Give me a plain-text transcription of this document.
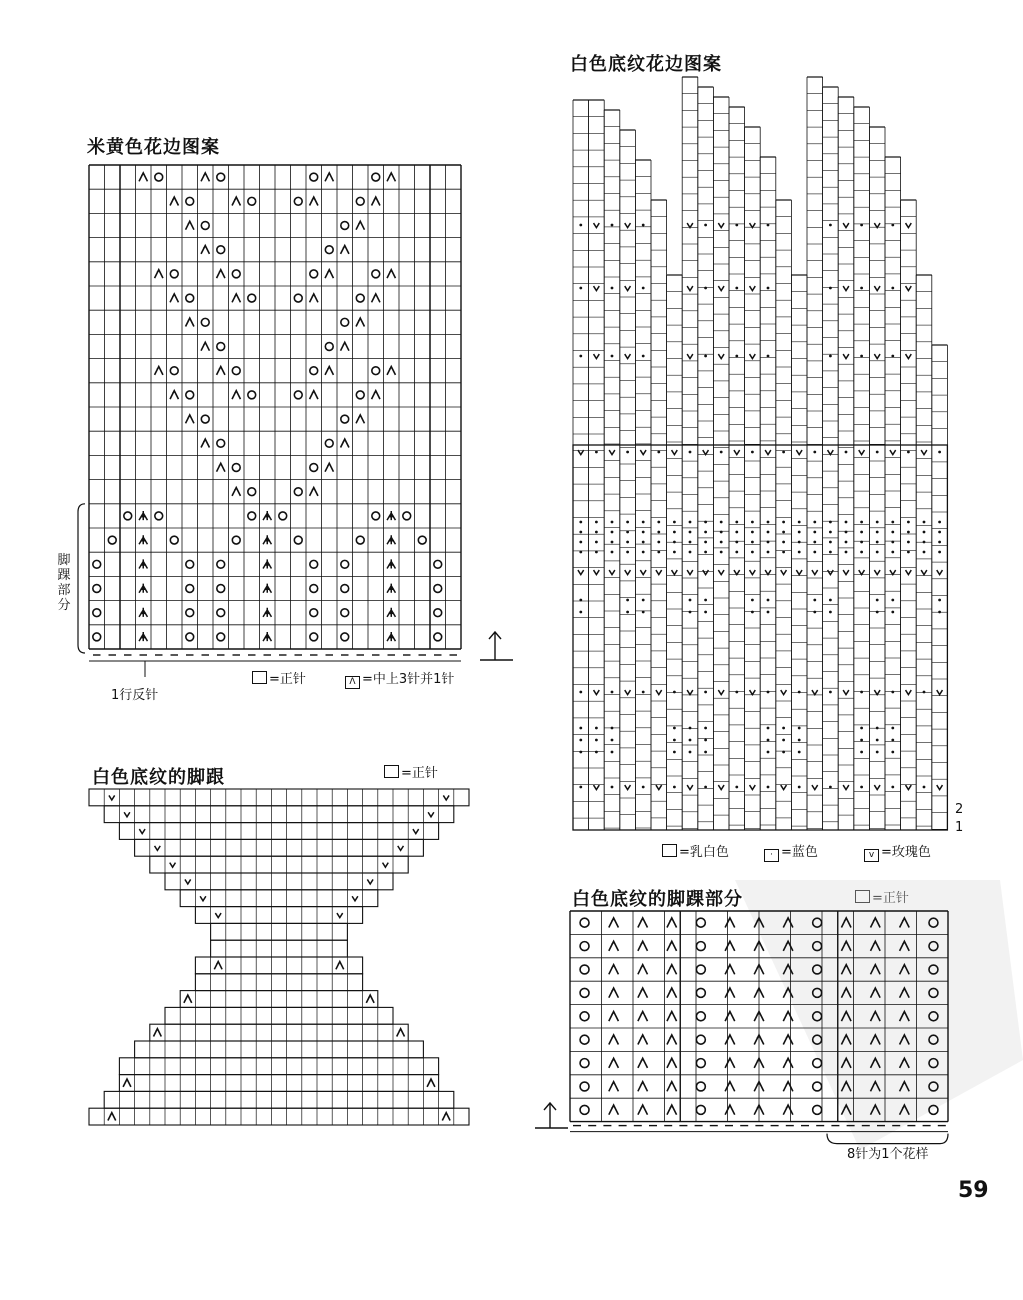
米黄色花边图案
白色底纹的脚跟
白色底纹花边图案
白色底纹的脚踝部分
脚踝部分
1行反针
=正针	Λ =中上3针并1针
=正针
=乳白色	· =蓝色	v =玫瑰色
2
1
=正针
8针为1个花样
59
